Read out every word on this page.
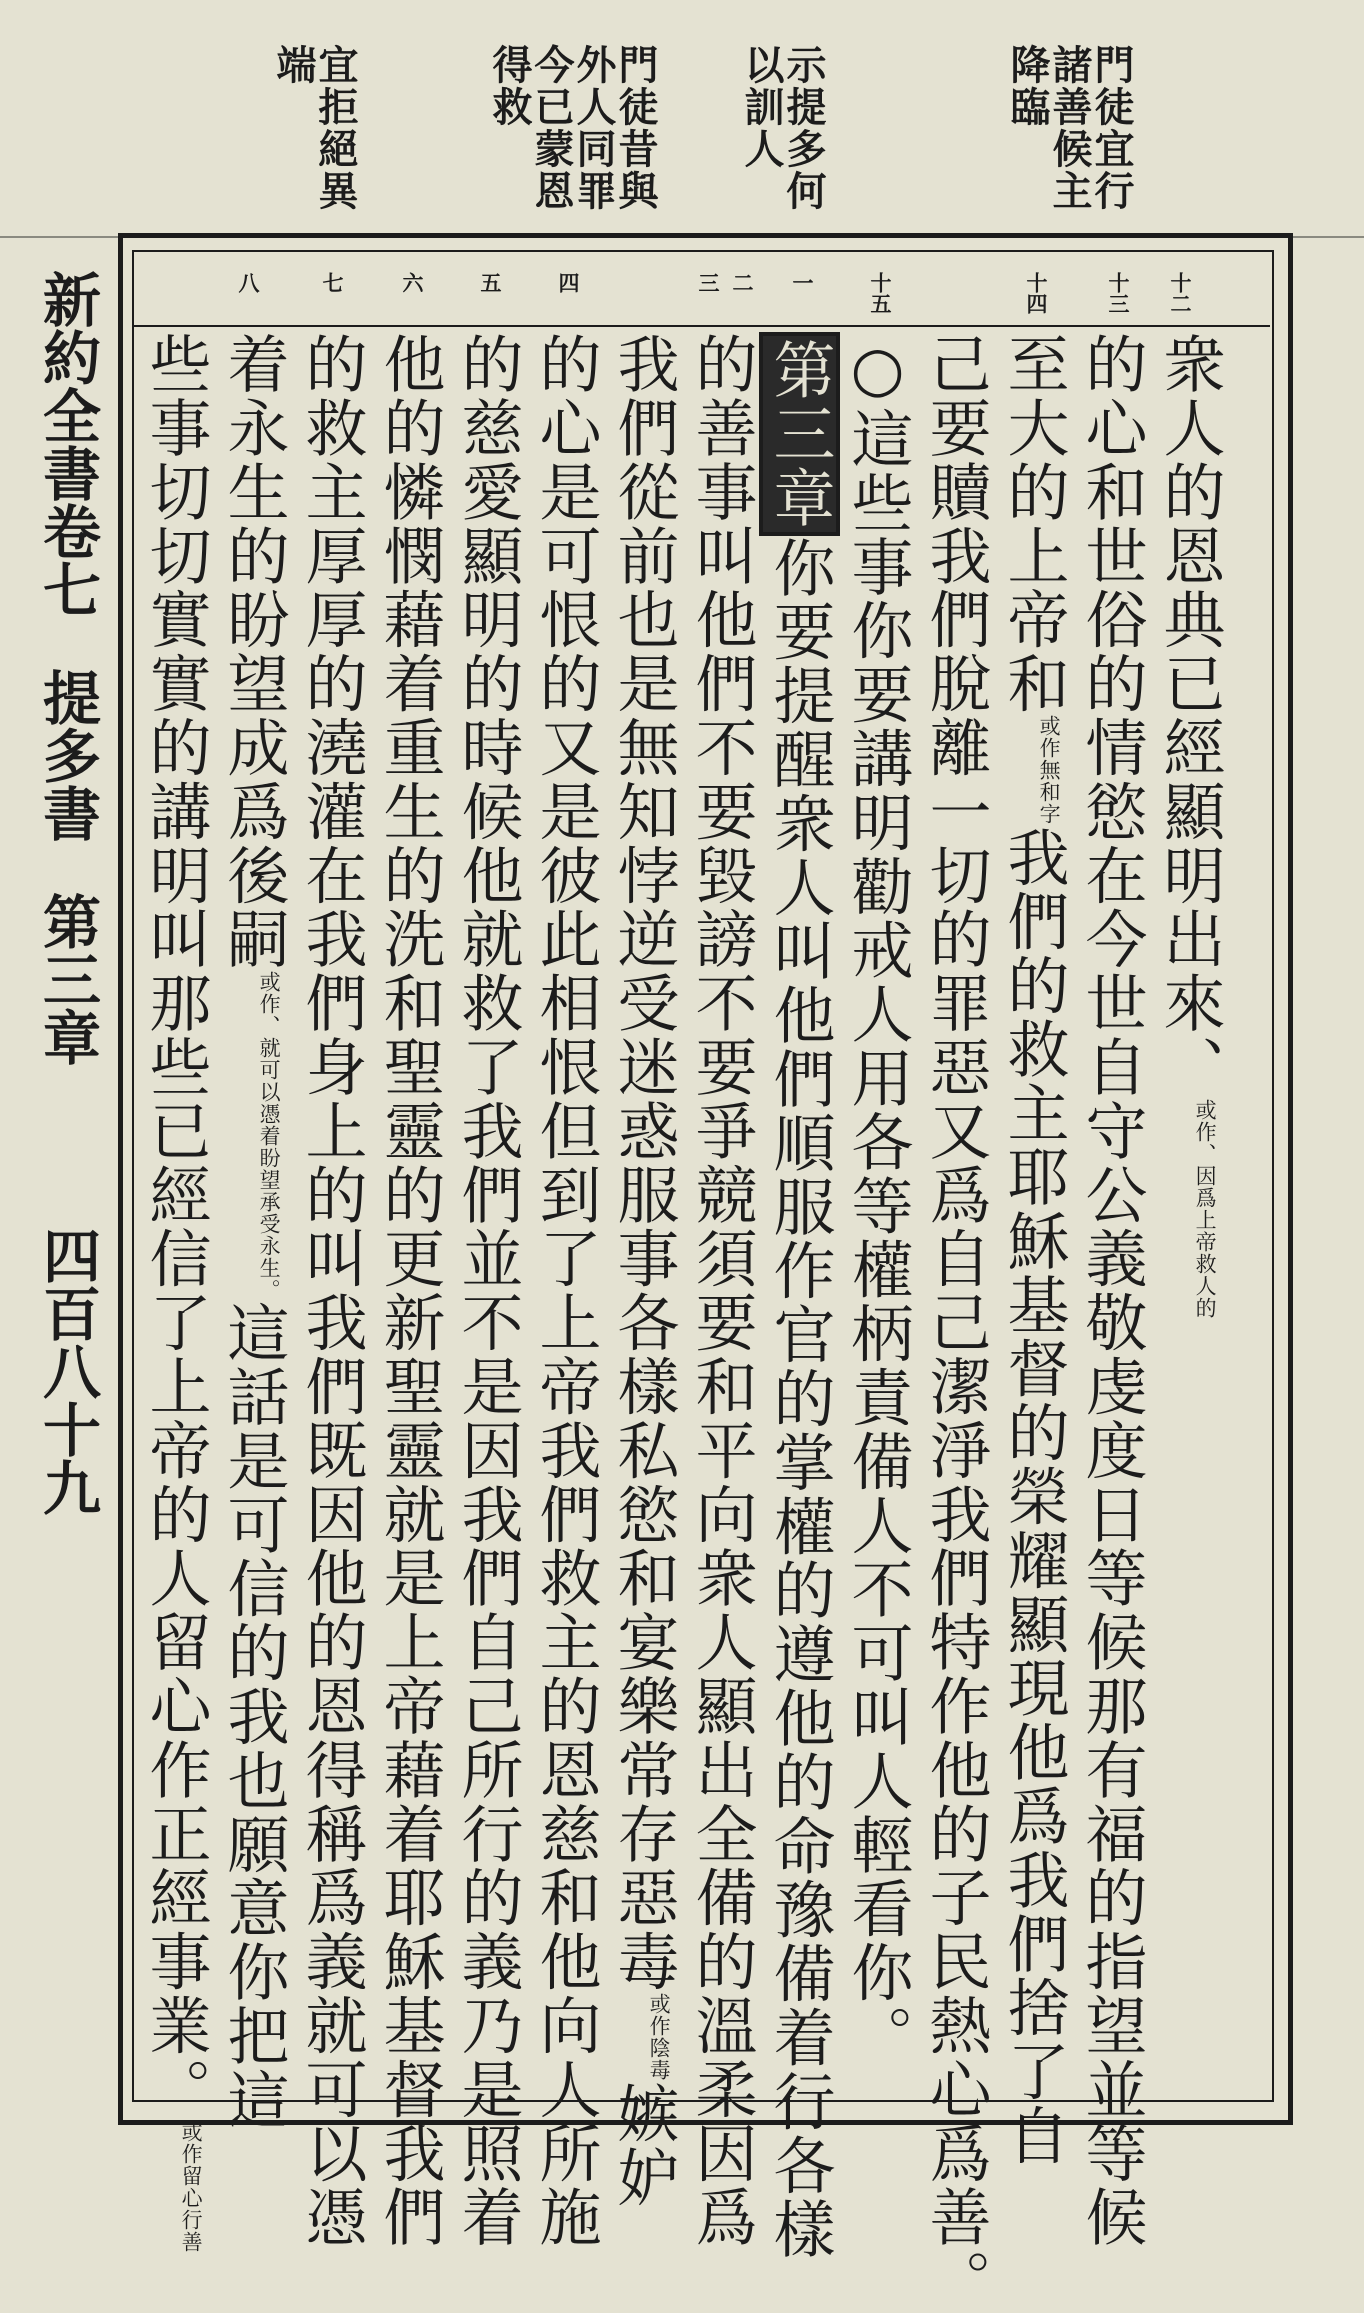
門徒宜行

諸善候主

降臨

示提多何

以訓人

門徒昔與

外人同罪

今已蒙恩

得救

宜拒絕異

端

十二
十三
十四
十五
一
二
三
四
五
六
七
八

衆人的恩典已經顯明出來、或作、因爲上帝救人的

的心和世俗的情慾在今世自守公義敬虔度日等候那有福的指望並等候

至大的上帝和或作無和字我們的救主耶穌基督的榮耀顯現他爲我們捨了自

己要贖我們脫離一切的罪惡又爲自己潔淨我們特作他的子民熱心爲善。

○這些事你要講明勸戒人用各等權柄責備人不可叫人輕看你。

第三章你要提醒衆人叫他們順服作官的掌權的遵他的命豫備着行各樣

的善事叫他們不要毀謗不要爭競須要和平向衆人顯出全備的溫柔因爲

我們從前也是無知悖逆受迷惑服事各樣私慾和宴樂常存惡毒或作陰毒嫉妒

的心是可恨的又是彼此相恨但到了上帝我們救主的恩慈和他向人所施

的慈愛顯明的時候他就救了我們並不是因我們自己所行的義乃是照着

他的憐憫藉着重生的洗和聖靈的更新聖靈就是上帝藉着耶穌基督我們

的救主厚厚的澆灌在我們身上的叫我們既因他的恩得稱爲義就可以憑

着永生的盼望成爲後嗣或作、就可以憑着盼望承受永生。這話是可信的我也願意你把這

些事切切實實的講明叫那些已經信了上帝的人留心作正經事業。或作留心行善

新約全書卷七提多書第三章四百八十九
